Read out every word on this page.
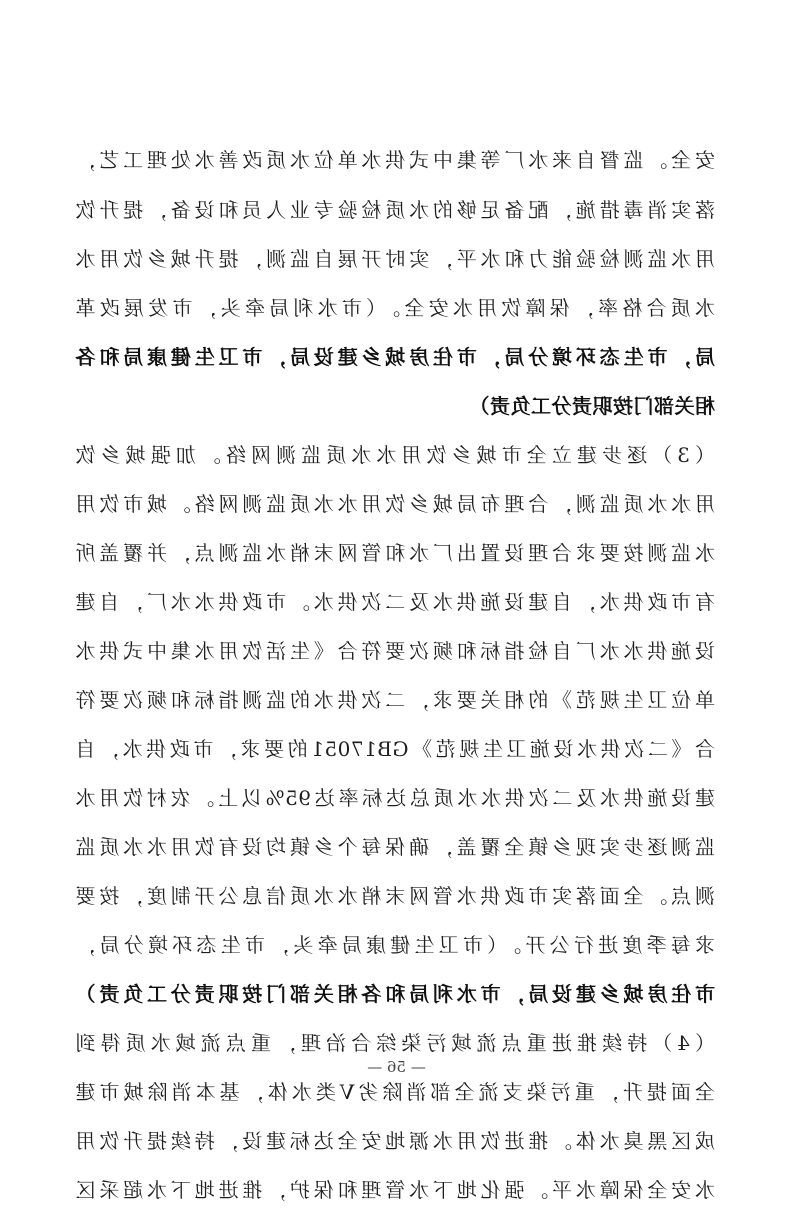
安全。监督自来水厂等集中式供水单位水质改善水处理工艺，
落实消毒措施，配备足够的水质检验专业人员和设备，提升饮
用水监测检验能力和水平，实时开展自监测，提升城乡饮用水
水质合格率，保障饮用水安全。（市水利局牵头，市发展改革
局，市生态环境分局，市住房城乡建设局，市卫生健康局和各
相关部门按职责分工负责）
（3）逐步建立全市城乡饮用水水质监测网络。加强城乡饮
用水水质监测，合理布局城乡饮用水水质监测网络。城市饮用
水监测按要求合理设置出厂水和管网末梢水监测点，并覆盖所
有市政供水，自建设施供水及二次供水。市政供水水厂，自建
设施供水水厂自检指标和频次要符合《生活饮用水集中式供水
单位卫生规范》的相关要求，二次供水的监测指标和频次要符
合《二次供水设施卫生规范》GB17051的要求，市政供水，自
建设施供水及二次供水水质总达标率达95%以上。农村饮用水
监测逐步实现乡镇全覆盖，确保每个乡镇均设有饮用水水质监
测点。全面落实市政供水管网末梢水水质信息公开制度，按要
求每季度进行公开。（市卫生健康局牵头，市生态环境分局，
市住房城乡建设局，市水利局和各相关部门按职责分工负责）
（4）持续推进重点流域污染综合治理，重点流域水质得到
全面提升，重污染支流全部消除劣V类水体，基本消除城市建
成区黑臭水体。推进饮用水源地安全达标建设，持续提升饮用
水安全保障水平。强化地下水管理和保护，推进地下水超采区
— 56 —
